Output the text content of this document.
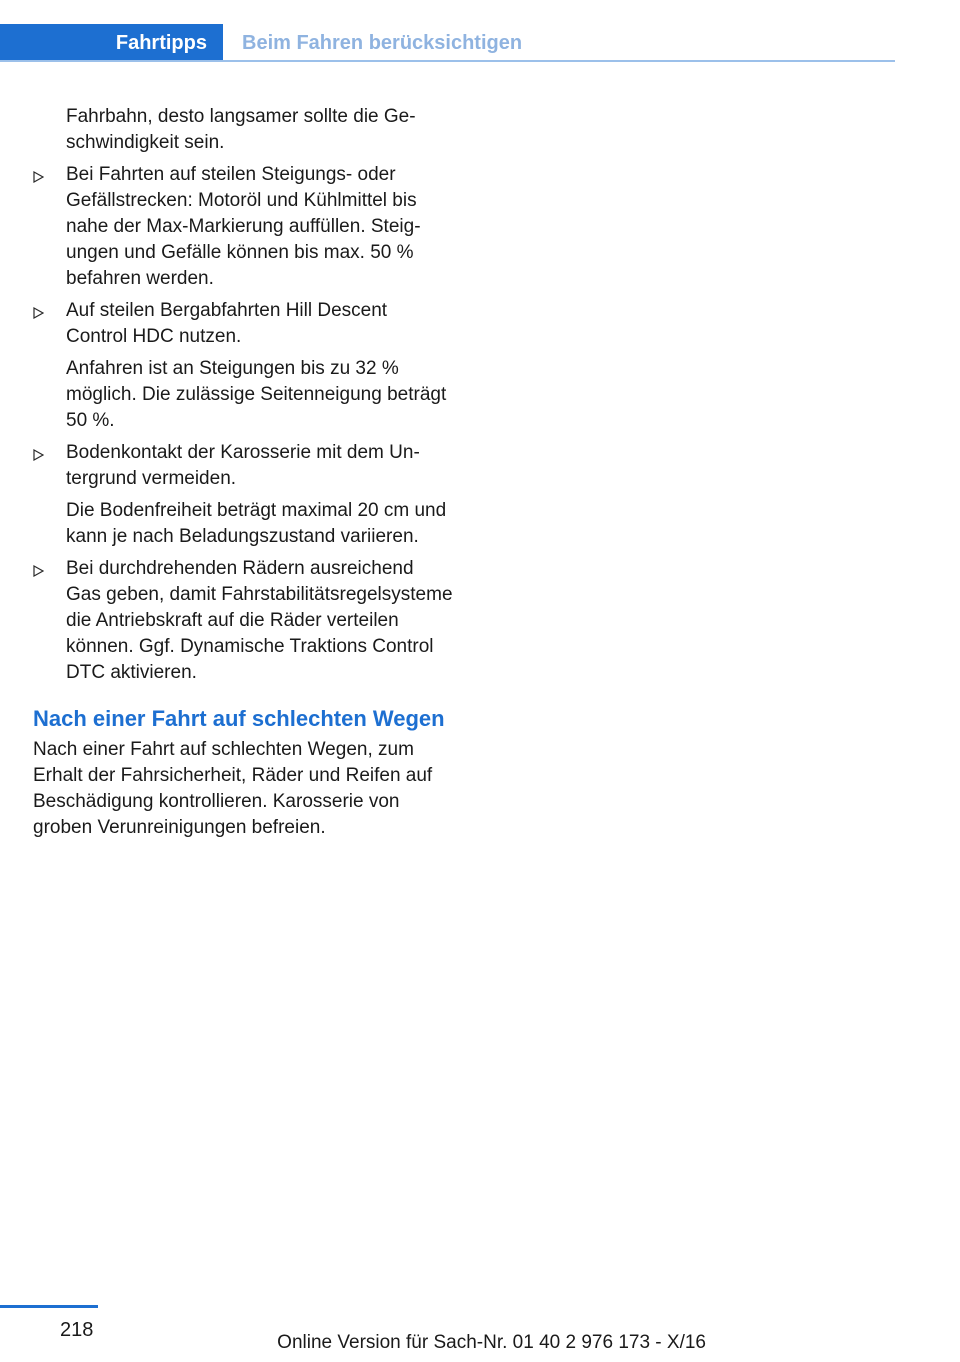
Fahrtipps	Beim Fahren berücksichtigen

Fahrbahn, desto langsamer sollte die Geschwindigkeit sein.

Bei Fahrten auf steilen Steigungs- oder Gefällstrecken: Motoröl und Kühlmittel bis nahe der Max-Markierung auffüllen. Steigungen und Gefälle können bis max. 50 % befahren werden.

Auf steilen Bergabfahrten Hill Descent Control HDC nutzen.

Anfahren ist an Steigungen bis zu 32 % möglich. Die zulässige Seitenneigung beträgt 50 %.

Bodenkontakt der Karosserie mit dem Untergrund vermeiden.

Die Bodenfreiheit beträgt maximal 20 cm und kann je nach Beladungszustand variieren.

Bei durchdrehenden Rädern ausreichend Gas geben, damit Fahrstabilitätsregelsysteme die Antriebskraft auf die Räder verteilen können. Ggf. Dynamische Traktions Control DTC aktivieren.

Nach einer Fahrt auf schlechten Wegen

Nach einer Fahrt auf schlechten Wegen, zum Erhalt der Fahrsicherheit, Räder und Reifen auf Beschädigung kontrollieren. Karosserie von groben Verunreinigungen befreien.

218
Online Version für Sach-Nr. 01 40 2 976 173 - X/16
